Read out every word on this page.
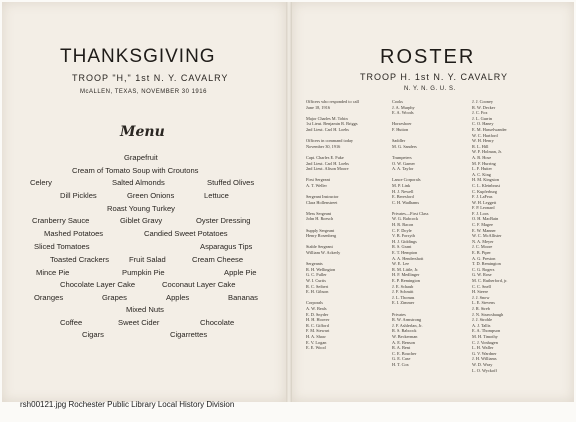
THANKSGIVING
TROOP "H," 1st N. Y. CAVALRY
McALLEN, TEXAS, NOVEMBER 30 1916
Menu
Grapefruit
Cream of Tomato Soup with Croutons
Celery	Salted Almonds	Stuffed Olives
Dill Pickles	Green Onions	Lettuce
Roast Young Turkey
Cranberry Sauce	Giblet Gravy	Oyster Dressing
Mashed Potatoes	Candied Sweet Potatoes
Sliced Tomatoes	Asparagus Tips
Toasted Crackers	Fruit Salad	Cream Cheese
Mince Pie	Pumpkin Pie	Apple Pie
Chocolate Layer Cake	Coconaut Layer Cake
Oranges	Grapes	Apples	Bananas
Mixed Nuts
Coffee	Sweet Cider	Chocolate
Cigars	Cigarrettes
ROSTER
TROOP H. 1st N. Y. CAVALRY
N. Y. N. G. U. S.
Officers who responded to call
June 18, 1916
Major Charles M. Tobin
1st Lieut. Benjamin R. Briggs
2nd Lieut. Carl H. Loebs
Officers in command today
November 30, 1916
Capt. Charles E. Fuke
2nd Lieut. Carl H. Loebs
2nd Lieut. Alison Moore
First Sergeant
A. T. Weller
Sergeant Instructor
Clara Hollenstreet
Mess Sergeant
John H. Roesch
Supply Sergeant
Henry Rosenberg
Stable Sergeant
William W. Ackerly
Sergeants
R. H. Wellington
G. C. Fuller
W. I. Curtis
R. C. Seibert
E. H. Gibson
Corporals
A. W. Beals
E. D. Snyder
H. H. Hoover
R. C. Gifford
F. M. Stewart
H. A. Shaw
E. V. Logan
E. E. Wood
Cooks
J. A. Murphy
E. A. Woods
Horseshoer
F. Hutton
Saddler
M. G. Sanders
Trumpeters
O. W. Garner
A. A. Taylor
Lance Corporals
M. P. Link
H. J. Newell
E. Beresford
C. H. Wadhams
Privates—First Class
W. G. Babcock
H. R. Bacon
C. F. Doyle
V. B. Forsyth
H. J. Giddings
R. S. Grant
E. T. Hempton
A. A. Hendershott
W. E. Lee
R. M. Little, Jr.
H. F. Medlinger
E. P. Remington
J. E. Schaub
J. F. Schmitt
J. L. Thomas
E. I. Zimmer
Privates
R. W. Armstrong
J. F. Ashlerlan, Jr.
R. S. Babcock
W. Beckerman
A. E. Benson
R. A. Bent
C. E. Boucher
G. E. Case
H. T. Cox
J. J. Cooney
R. W. Decker
J. C. Fox
J. L. Gurrin
C. O. Haney
E. M. Hasselwander
W. C. Hartford
W. H. Henry
R. L. Hill
W. F. Holman, Jr.
A. B. Hose
M. F. Hurring
L. F. Hutter
A. C. King
H. M. Kingston
C. L. Kleinbrust
C. Kupferburg
F. J. LaFeas
W. H. Leggett
F. P. Leonard
F. J. Loos
O. H. MacBain
C. F. Magee
E. W. Manner
W. C. McAllister
N. A. Meyer
J. C. Moore
E. B. Piper
A. G. Preston
T. D. Remington
C. G. Rogers
G. W. Rose
M. C. Rutherford, jr.
C. C. Snell
H. Steere
J. J. Snow
L. E. Stevens
J. R. Streb
J. N. Strawsbaugh
J. J. Strohle
A. J. Tallis
E. A. Thompson
M. H. Timothy
C. J. Vonhagen
L. H. Waller
G. V. Wardner
J. H. Williams
W. D. Wray
L. O. Wyckoff
rsh00121.jpg Rochester Public Library Local History Division
